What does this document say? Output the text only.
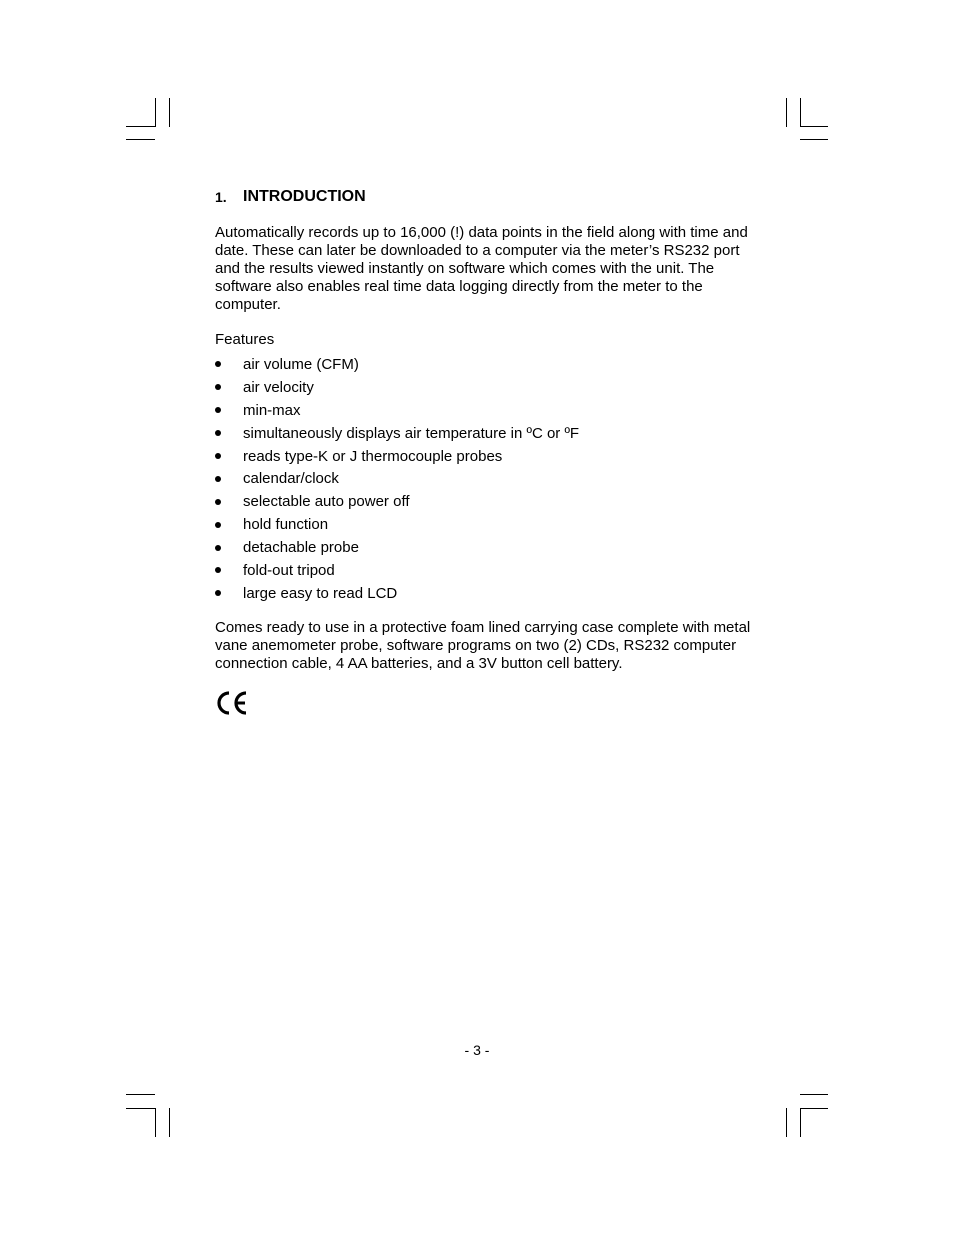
1.	INTRODUCTION

Automatically records up to 16,000 (!) data points in the field along with time and date. These can later be downloaded to a computer via the meter’s RS232 port and the results viewed instantly on software which comes with the unit. The software also enables real time data logging directly from the meter to the computer.

Features
air volume (CFM)
air velocity
min-max
simultaneously displays air temperature in ºC or ºF
reads type-K or J thermocouple probes
calendar/clock
selectable auto power off
hold function
detachable probe
fold-out tripod
large easy to read LCD

Comes ready to use in a protective foam lined carrying case complete with metal vane anemometer probe, software programs on two (2) CDs, RS232 computer connection cable, 4 AA batteries, and a 3V button cell battery.

- 3 -
